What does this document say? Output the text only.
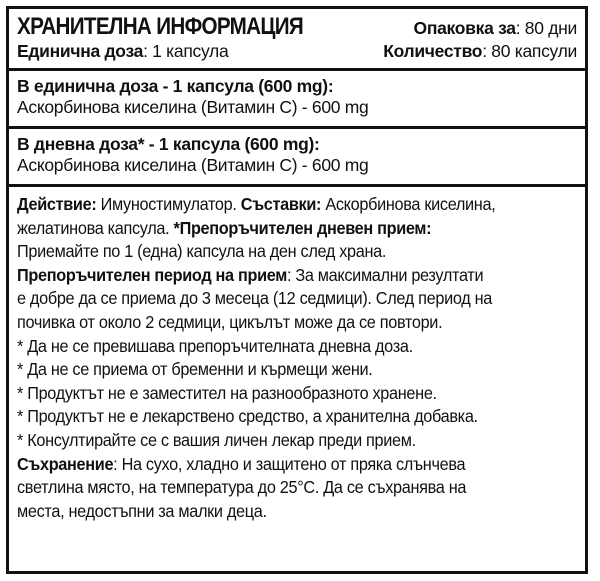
ХРАНИТЕЛНА ИНФОРМАЦИЯ	Опаковка за: 80 дни
Единична доза: 1 капсула	Количество: 80 капсули
В единична доза - 1 капсула (600 mg):
Аскорбинова киселина (Витамин С) - 600 mg
В дневна доза* - 1 капсула (600 mg):
Аскорбинова киселина (Витамин С) - 600 mg

Действие: Имуностимулатор. Съставки: Аскорбинова киселина,

желатинова капсула. *Препоръчителен дневен прием:

Приемайте по 1 (една) капсула на ден след храна.

Препоръчителен период на прием: За максимални резултати

е добре да се приема до 3 месеца (12 седмици). След период на

почивка от около 2 седмици, цикълът може да се повтори.

* Да не се превишава препоръчителната дневна доза.

* Да не се приема от бременни и кърмещи жени.

* Продуктът не е заместител на разнообразното хранене.

* Продуктът не е лекарствено средство, а хранителна добавка.

* Консултирайте се с вашия личен лекар преди прием.

Съхранение: На сухо, хладно и защитено от пряка слънчева

светлина място, на температура до 25°С. Да се съхранява на

места, недостъпни за малки деца.
